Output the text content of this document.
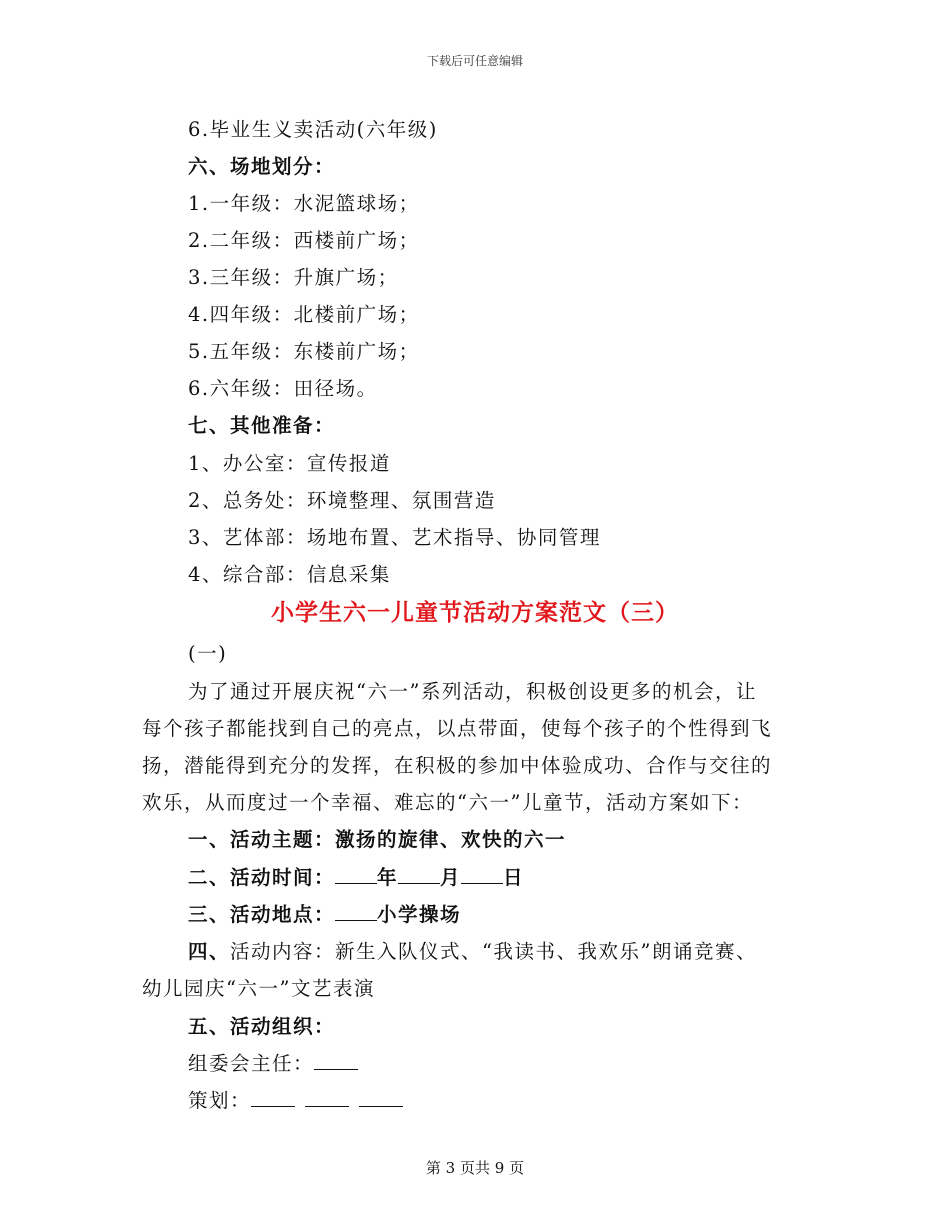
下载后可任意编辑
6.毕业生义卖活动(六年级)
六、场地划分：
1.一年级：水泥篮球场；
2.二年级：西楼前广场；
3.三年级：升旗广场；
4.四年级：北楼前广场；
5.五年级：东楼前广场；
6.六年级：田径场。
七、其他准备：
1、办公室：宣传报道
2、总务处：环境整理、氛围营造
3、艺体部：场地布置、艺术指导、协同管理
4、综合部：信息采集
小学生六一儿童节活动方案范文（三）
(一)
为了通过开展庆祝“六一”系列活动，积极创设更多的机会，让
每个孩子都能找到自己的亮点，以点带面，使每个孩子的个性得到飞
扬，潜能得到充分的发挥，在积极的参加中体验成功、合作与交往的
欢乐，从而度过一个幸福、难忘的“六一”儿童节，活动方案如下：
一、活动主题：激扬的旋律、欢快的六一
二、活动时间： 年 月 日
三、活动地点： 小学操场
四、活动内容：新生入队仪式、“我读书、我欢乐”朗诵竞赛、
幼儿园庆“六一”文艺表演
五、活动组织：
组委会主任：
策划：
第 3 页共 9 页
